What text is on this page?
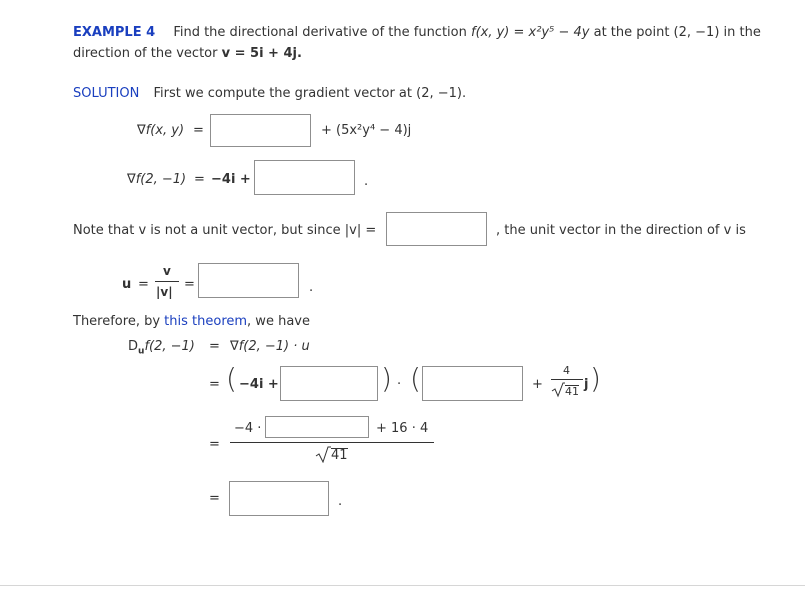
EXAMPLE 4 Find the directional derivative of the function f(x, y) = x²y⁵ − 4y at the point (2, −1) in the
direction of the vector v = 5i + 4j.
SOLUTION First we compute the gradient vector at (2, −1).
∇f(x, y) =	+ (5x²y⁴ − 4)j
∇f(2, −1) = −4i +	.
Note that v is not a unit vector, but since |v| =	, the unit vector in the direction of v is
u =
v
|v| =	.
Therefore, by this theorem, we have
$D_uf(2$, −1) = ∇f(2, −1) · u
= ( −4i +	) · (	+
4
41 j )
=
−4 ·	+ 16 · 4
41
=	.
